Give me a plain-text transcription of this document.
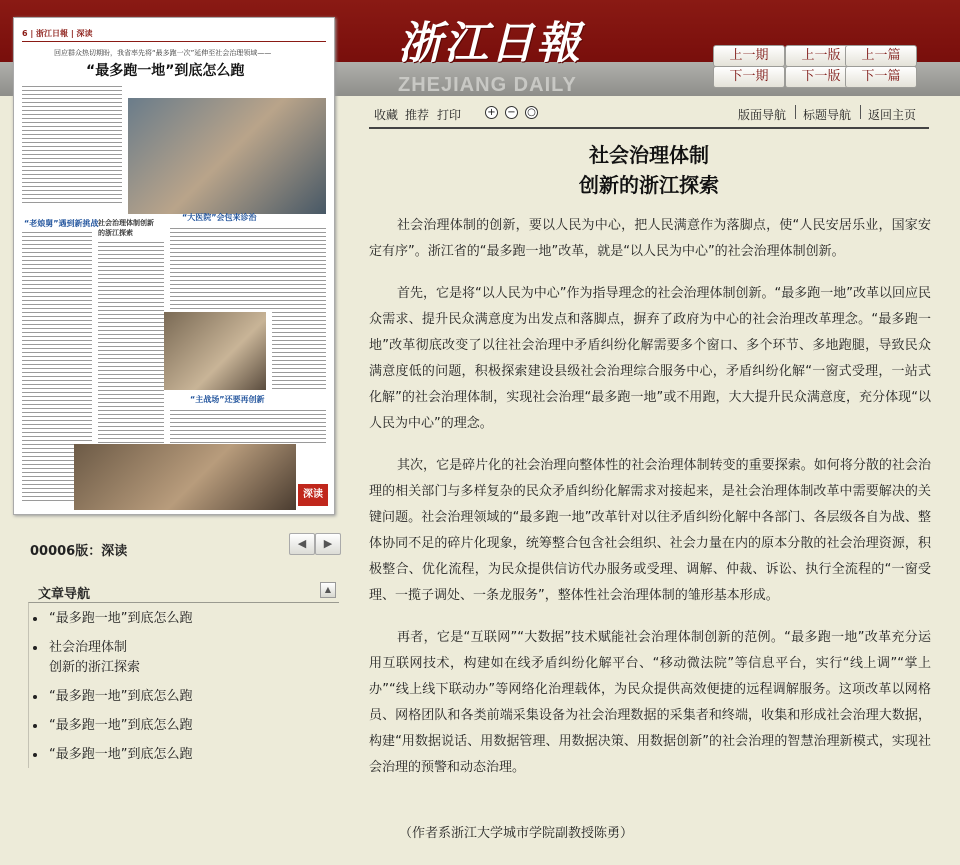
浙江日報
ZHEJIANG DAILY
上一期	上一版	上一篇
下一期	下一版	下一篇
6 | 浙江日報 | 深读
回应群众热切期盼，我省率先将“最多跑一次”延伸至社会治理领域——
“最多跑一地”到底怎么跑
“老娘舅”遇到新挑战 社会治理体制创新的浙江探索
“大医院”会包来诊治
“主战场”还要再创新
深读
00006版：深读
◀	▶
文章导航	▲
“最多跑一地”到底怎么跑
社会治理体制
创新的浙江探索
“最多跑一地”到底怎么跑
“最多跑一地”到底怎么跑
“最多跑一地”到底怎么跑
收藏 推荐 打印	+ − ○	版面导航 标题导航 返回主页
社会治理体制
创新的浙江探索

社会治理体制的创新，要以人民为中心，把人民满意作为落脚点，使“人民安居乐业，国家安定有序”。浙江省的“最多跑一地”改革，就是“以人民为中心”的社会治理体制创新。

首先，它是将“以人民为中心”作为指导理念的社会治理体制创新。“最多跑一地”改革以回应民众需求、提升民众满意度为出发点和落脚点，摒弃了政府为中心的社会治理改革理念。“最多跑一地”改革彻底改变了以往社会治理中矛盾纠纷化解需要多个窗口、多个环节、多地跑腿，导致民众满意度低的问题，积极探索建设县级社会治理综合服务中心，矛盾纠纷化解“一窗式受理，一站式化解”的社会治理体制，实现社会治理“最多跑一地”或不用跑，大大提升民众满意度，充分体现“以人民为中心”的理念。

其次，它是碎片化的社会治理向整体性的社会治理体制转变的重要探索。如何将分散的社会治理的相关部门与多样复杂的民众矛盾纠纷化解需求对接起来，是社会治理体制改革中需要解决的关键问题。社会治理领域的“最多跑一地”改革针对以往矛盾纠纷化解中各部门、各层级各自为战、整体协同不足的碎片化现象，统筹整合包含社会组织、社会力量在内的原本分散的社会治理资源，积极整合、优化流程，为民众提供信访代办服务或受理、调解、仲裁、诉讼、执行全流程的“一窗受理、一揽子调处、一条龙服务”，整体性社会治理体制的雏形基本形成。

再者，它是“互联网”“大数据”技术赋能社会治理体制创新的范例。“最多跑一地”改革充分运用互联网技术，构建如在线矛盾纠纷化解平台、“移动微法院”等信息平台，实行“线上调”“掌上办”“线上线下联动办”等网络化治理载体，为民众提供高效便捷的远程调解服务。这项改革以网格员、网格团队和各类前端采集设备为社会治理数据的采集者和终端，收集和形成社会治理大数据，构建“用数据说话、用数据管理、用数据决策、用数据创新”的社会治理的智慧治理新模式，实现社会治理的预警和动态治理。

（作者系浙江大学城市学院副教授陈勇）
